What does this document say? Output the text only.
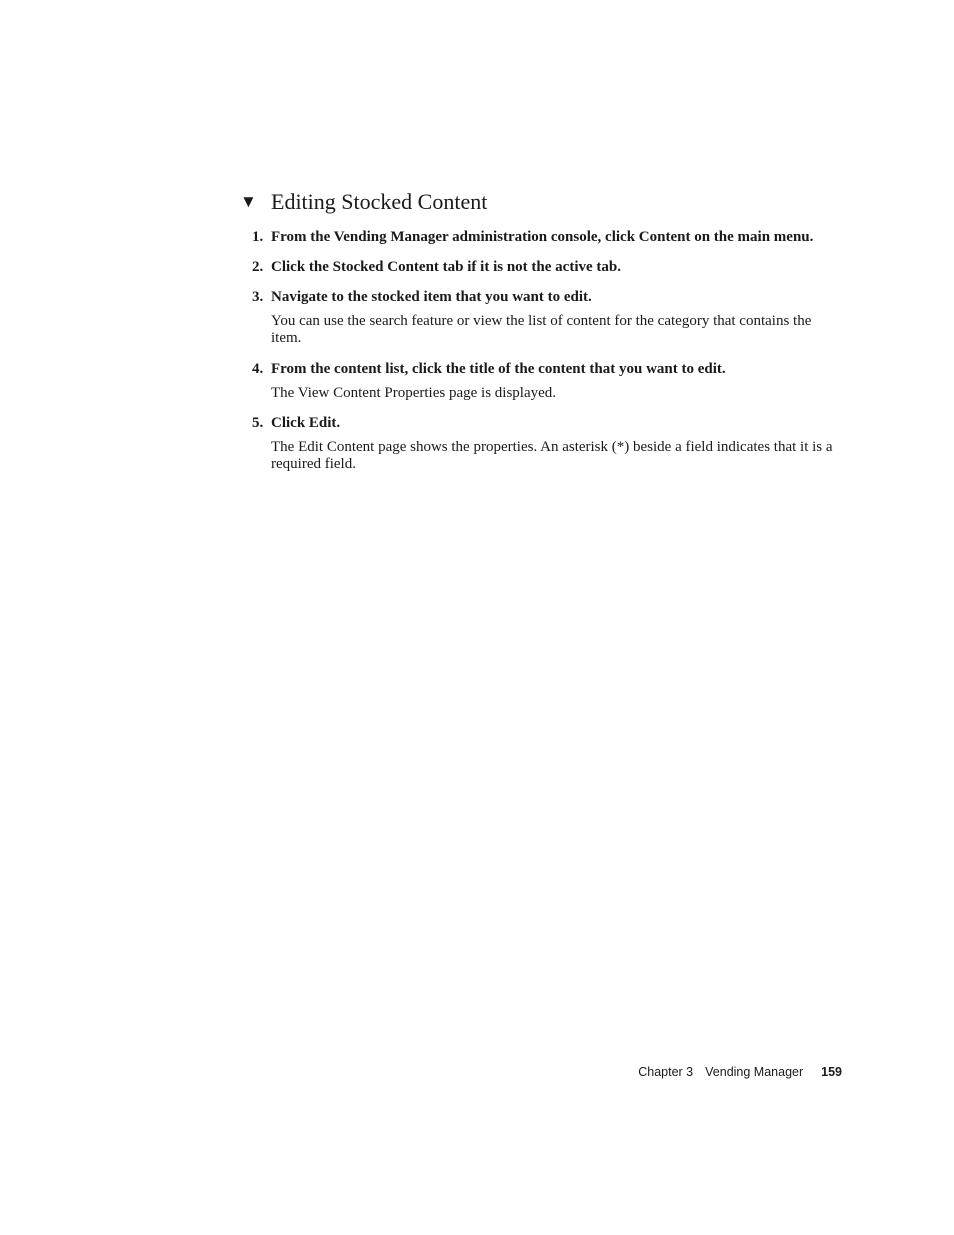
▼ Editing Stocked Content
1. From the Vending Manager administration console, click Content on the main menu.
2. Click the Stocked Content tab if it is not the active tab.
3. Navigate to the stocked item that you want to edit.
You can use the search feature or view the list of content for the category that contains the item.
4. From the content list, click the title of the content that you want to edit.
The View Content Properties page is displayed.
5. Click Edit.
The Edit Content page shows the properties. An asterisk (*) beside a field indicates that it is a required field.
Chapter 3 Vending Manager 159
